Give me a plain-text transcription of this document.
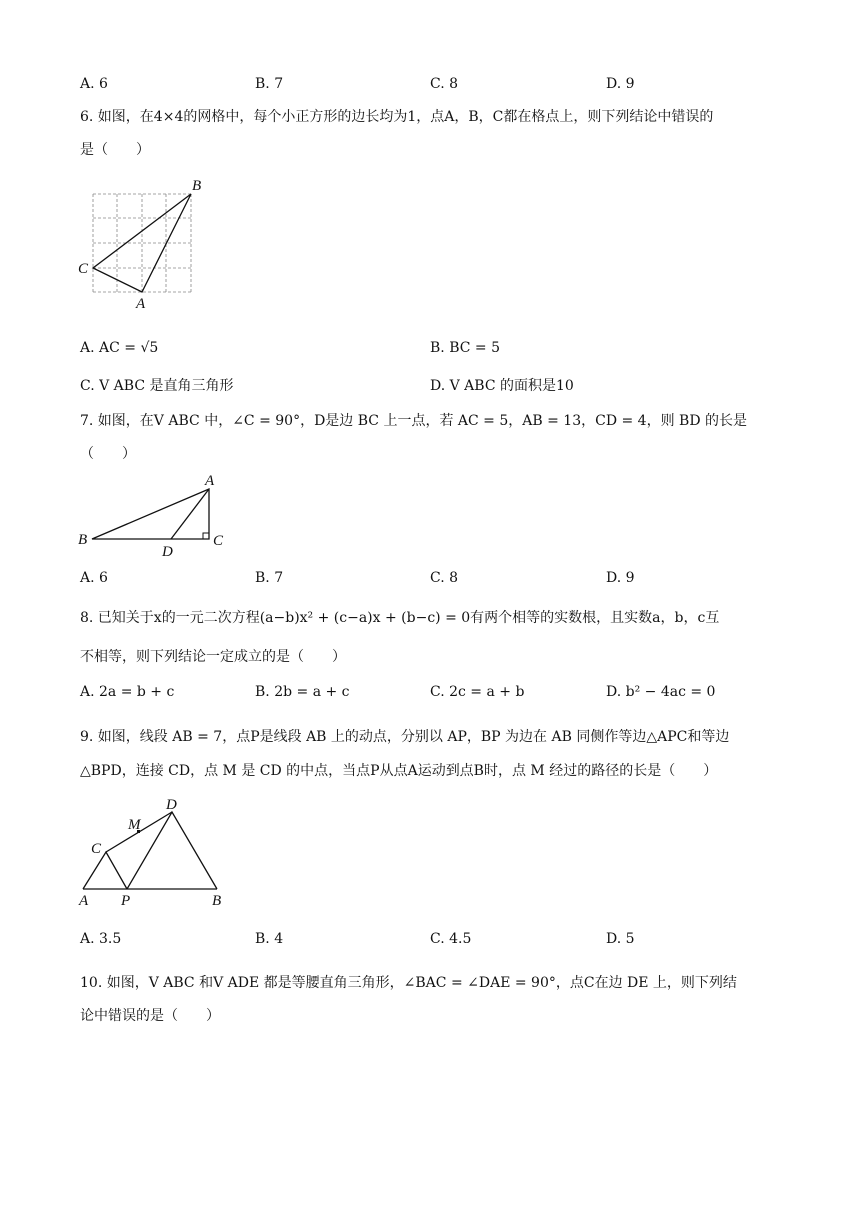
A. 6	B. 7	C. 8	D. 9
6. 如图，在4×4的网格中，每个小正方形的边长均为1，点A，B，C都在格点上，则下列结论中错误的
是（　　）
B
C
A
A. AC = √5	B. BC = 5
C. V ABC 是直角三角形	D. V ABC 的面积是10
7. 如图，在V ABC 中，∠C = 90°，D是边 BC 上一点，若 AC = 5，AB = 13，CD = 4，则 BD 的长是
（　　）
A
B	C
D
A. 6	B. 7	C. 8	D. 9
8. 已知关于x的一元二次方程(a−b)x² + (c−a)x + (b−c) = 0有两个相等的实数根，且实数a，b，c互
不相等，则下列结论一定成立的是（　　）
A. 2a = b + c	B. 2b = a + c	C. 2c = a + b	D. b² − 4ac = 0
9. 如图，线段 AB = 7，点P是线段 AB 上的动点，分别以 AP，BP 为边在 AB 同侧作等边△APC和等边
△BPD，连接 CD，点 M 是 CD 的中点，当点P从点A运动到点B时，点 M 经过的路径的长是（　　）
D
M
C
A P	B
A. 3.5	B. 4	C. 4.5	D. 5
10. 如图，V ABC 和V ADE 都是等腰直角三角形，∠BAC = ∠DAE = 90°，点C在边 DE 上，则下列结
论中错误的是（　　）
